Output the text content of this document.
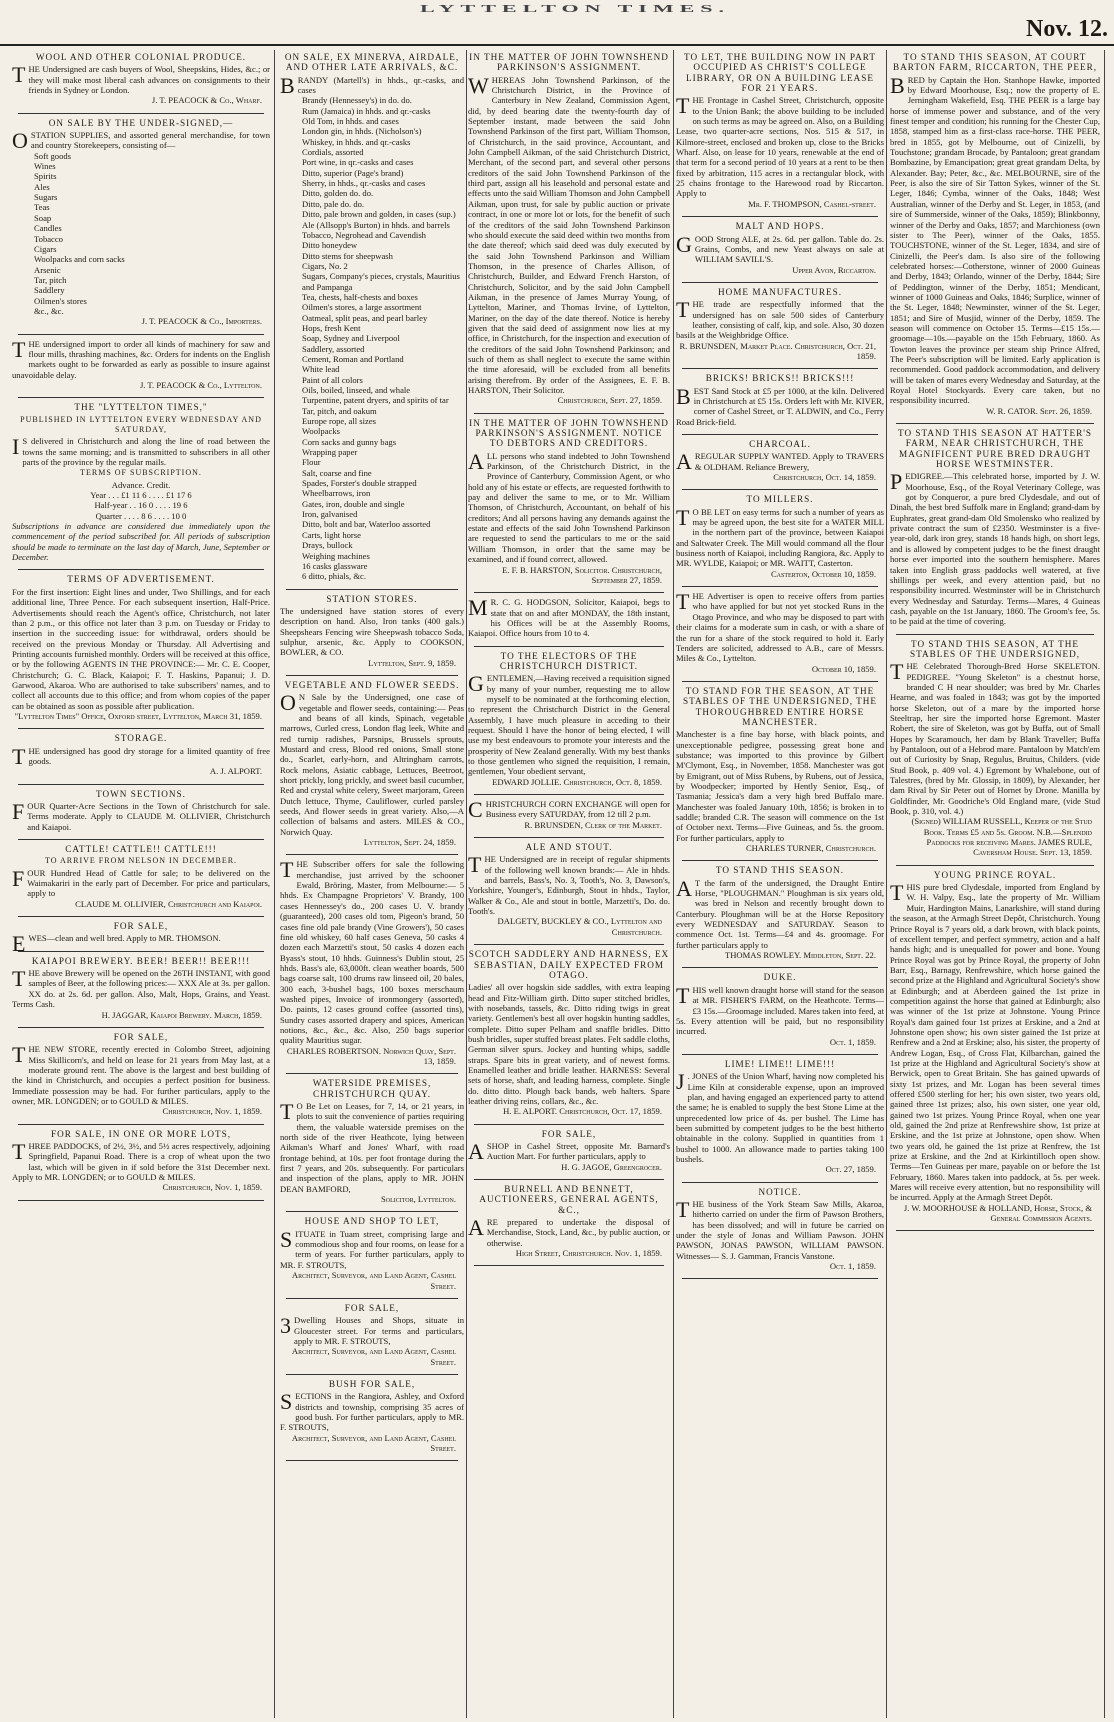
LYTTELTON TIMES.
Nov. 12.
WOOL AND OTHER COLONIAL PRODUCE.
THE Undersigned are cash buyers of Wool, Sheepskins, Hides, &c.; or they will make most liberal cash advances on consignments to their friends in Sydney or London.
J. T. PEACOCK & Co., Wharf.
ON SALE BY THE UNDER-SIGNED,—
OSTATION SUPPLIES, and assorted general merchandise, for town and country Storekeepers, consisting of—
Soft goods
Wines
Spirits
Ales
Sugars
Teas
Soap
Candles
Tobacco
Cigars
Woolpacks and corn sacks
Arsenic
Tar, pitch
Saddlery
Oilmen's stores
&c., &c.
J. T. PEACOCK & Co., Importers.
THE undersigned import to order all kinds of machinery for saw and flour mills, thrashing machines, &c. Orders for indents on the English markets ought to be forwarded as early as possible to insure against unavoidable delay.
J. T. PEACOCK & Co., Lyttelton.
THE "LYTTELTON TIMES,"
PUBLISHED IN LYTTELTON EVERY WEDNESDAY AND SATURDAY,
I S delivered in Christchurch and along the line of road between the towns the same morning; and is transmitted to subscribers in all other parts of the province by the regular mails.
TERMS OF SUBSCRIPTION.
Advance. Credit.
Year . . . £1 11 6 . . . . £1 17 6
Half-year . . 16 0 . . . . 19 6
Quarter . . . . 8 6 . . . . 10 0
Subscriptions in advance are considered due immediately upon the commencement of the period subscribed for. All periods of subscription should be made to terminate on the last day of March, June, September or December.
TERMS OF ADVERTISEMENT.
For the first insertion: Eight lines and under, Two Shillings, and for each additional line, Three Pence. For each subsequent insertion, Half-Price. Advertisements should reach the Agent's office, Christchurch, not later than 2 p.m., or this office not later than 3 p.m. on Tuesday or Friday to insertion in the succeeding issue: for withdrawal, orders should be received on the previous Monday or Thursday. All Advertising and Printing accounts furnished monthly. Orders will be received at this office, or by the following AGENTS IN THE PROVINCE:— Mr. C. E. Cooper, Christchurch; G. C. Black, Kaiapoi; F. T. Haskins, Papanui; J. D. Garwood, Akaroa. Who are authorised to take subscribers' names, and to collect all accounts due to this office; and from whom copies of the paper can be obtained as soon as possible after publication.
"Lyttelton Times" Office, Oxford street, Lyttelton, March 31, 1859.
STORAGE.
THE undersigned has good dry storage for a limited quantity of free goods.
A. J. ALPORT.
TOWN SECTIONS.
FOUR Quarter-Acre Sections in the Town of Christchurch for sale. Terms moderate. Apply to CLAUDE M. OLLIVIER, Christchurch and Kaiapoi.
CATTLE! CATTLE!! CATTLE!!!
TO ARRIVE FROM NELSON IN DECEMBER.
FOUR Hundred Head of Cattle for sale; to be delivered on the Waimakariri in the early part of December. For price and particulars, apply to
CLAUDE M. OLLIVIER, Christchurch and Kaiapoi.
FOR SALE,
EWES—clean and well bred. Apply to MR. THOMSON.
KAIAPOI BREWERY. BEER! BEER!! BEER!!!
THE above Brewery will be opened on the 26TH INSTANT, with good samples of Beer, at the following prices:— XXX Ale at 3s. per gallon. XX do. at 2s. 6d. per gallon. Also, Malt, Hops, Grains, and Yeast. Terms Cash.
H. JAGGAR, Kaiapoi Brewery. March, 1859.
FOR SALE,
THE NEW STORE, recently erected in Colombo Street, adjoining Miss Skillicorn's, and held on lease for 21 years from May last, at a moderate ground rent. The above is the largest and best building of the kind in Christchurch, and occupies a perfect position for business. Immediate possession may be had. For further particulars, apply to the owner, MR. LONGDEN; or to GOULD & MILES.
Christchurch, Nov. 1, 1859.
FOR SALE, IN ONE OR MORE LOTS,
THREE PADDOCKS, of 2½, 3½, and 5½ acres respectively, adjoining Springfield, Papanui Road. There is a crop of wheat upon the two last, which will be given in if sold before the 31st December next. Apply to MR. LONGDEN; or to GOULD & MILES.
Christchurch, Nov. 1, 1859.
ON SALE, EX MINERVA, AIRDALE, AND OTHER LATE ARRIVALS, &C.
BRANDY (Martell's) in hhds., qr.-casks, and cases
Brandy (Hennessey's) in do. do.
Rum (Jamaica) in hhds. and qr.-casks
Old Tom, in hhds. and cases
London gin, in hhds. (Nicholson's)
Whiskey, in hhds. and qr.-casks
Cordials, assorted
Port wine, in qr.-casks and cases
Ditto, superior (Page's brand)
Sherry, in hhds., qr.-casks and cases
Ditto, golden do. do.
Ditto, pale do. do.
Ditto, pale brown and golden, in cases (sup.)
Ale (Allsopp's Burton) in hhds. and barrels
Tobacco, Negrohead and Cavendish
Ditto honeydew
Ditto stems for sheepwash
Cigars, No. 2
Sugars, Company's pieces, crystals, Mauritius and Pampanga
Tea, chests, half-chests and boxes
Oilmen's stores, a large assortment
Oatmeal, split peas, and pearl barley
Hops, fresh Kent
Soap, Sydney and Liverpool
Saddlery, assorted
Cement, Roman and Portland
White lead
Paint of all colors
Oils, boiled, linseed, and whale
Turpentine, patent dryers, and spirits of tar
Tar, pitch, and oakum
Europe rope, all sizes
Woolpacks
Corn sacks and gunny bags
Wrapping paper
Flour
Salt, coarse and fine
Spades, Forster's double strapped
Wheelbarrows, iron
Gates, iron, double and single
Iron, galvanised
Ditto, bolt and bar, Waterloo assorted
Carts, light horse
Drays, bullock
Weighing machines
16 casks glassware
6 ditto, phials, &c.
STATION STORES.
The undersigned have station stores of every description on hand. Also, Iron tanks (400 gals.) Sheepshears Fencing wire Sheepwash tobacco Soda, sulphur, arsenic, &c. Apply to COOKSON, BOWLER, & CO.
Lyttelton, Sept. 9, 1859.
VEGETABLE AND FLOWER SEEDS.
O N Sale by the Undersigned, one case of vegetable and flower seeds, containing:— Peas and beans of all kinds, Spinach, vegetable marrows, Curled cress, London flag leek, White and red turnip radishes, Parsnips, Brussels sprouts, Mustard and cress, Blood red onions, Small stone do., Scarlet, early-horn, and Altringham carrots, Rock melons, Asiatic cabbage, Lettuces, Beetroot, short prickly, long prickly, and sweet basil cucumber, Red and crystal white celery, Sweet marjoram, Green Dutch lettuce, Thyme, Cauliflower, curled parsley seeds, And flower seeds in great variety. Also,—A collection of balsams and asters. MILES & CO., Norwich Quay.
Lyttelton, Sept. 24, 1859.
THE Subscriber offers for sale the following merchandise, just arrived by the schooner Ewald, Bröring, Master, from Melbourne:— 5 hhds. Ex Champagne Proprietors' V. Brandy, 100 cases Hennessey's do., 200 cases U. V. brandy (guaranteed), 200 cases old tom, Pigeon's brand, 50 cases fine old pale brandy (Vine Growers'), 50 cases fine old whiskey, 60 half cases Geneva, 50 casks 4 dozen each Marzetti's stout, 50 casks 4 dozen each Byass's stout, 10 hhds. Guinness's Dublin stout, 25 hhds. Bass's ale, 63,000ft. clean weather boards, 500 bags coarse salt, 100 drums raw linseed oil, 20 bales, 300 each, 3-bushel bags, 100 boxes merschaum washed pipes, Invoice of ironmongery (assorted), Do. paints, 12 cases ground coffee (assorted tins), Sundry cases assorted drapery and spices, American notions, &c., &c., &c. Also, 250 bags superior quality Mauritius sugar.
CHARLES ROBERTSON. Norwich Quay, Sept. 13, 1859.
WATERSIDE PREMISES, CHRISTCHURCH QUAY.
T O Be Let on Leases, for 7, 14, or 21 years, in plots to suit the convenience of parties requiring them, the valuable waterside premises on the north side of the river Heathcote, lying between Aikman's Wharf and Jones' Wharf, with road frontage behind, at 10s. per foot frontage during the first 7 years, and 20s. subsequently. For particulars and inspection of the plans, apply to MR. JOHN DEAN BAMFORD,
Solicitor, Lyttelton.
HOUSE AND SHOP TO LET,
SITUATE in Tuam street, comprising large and commodious shop and four rooms, on lease for a term of years. For further particulars, apply to MR. F. STROUTS,
Architect, Surveyor, and Land Agent, Cashel Street.
FOR SALE,
3 Dwelling Houses and Shops, situate in Gloucester street. For terms and particulars, apply to MR. F. STROUTS,
Architect, Surveyor, and Land Agent, Cashel Street.
BUSH FOR SALE,
SECTIONS in the Rangiora, Ashley, and Oxford districts and township, comprising 35 acres of good bush. For further particulars, apply to MR. F. STROUTS,
Architect, Surveyor, and Land Agent, Cashel Street.
IN THE MATTER OF JOHN TOWNSHEND PARKINSON'S ASSIGNMENT.
WHEREAS John Townshend Parkinson, of the Christchurch District, in the Province of Canterbury in New Zealand, Commission Agent, did, by deed bearing date the twenty-fourth day of September instant, made between the said John Townshend Parkinson of the first part, William Thomson, of Christchurch, in the said province, Accountant, and John Campbell Aikman, of the said Christchurch District, Merchant, of the second part, and several other persons creditors of the said John Townshend Parkinson of the third part, assign all his leasehold and personal estate and effects unto the said William Thomson and John Campbell Aikman, upon trust, for sale by public auction or private contract, in one or more lot or lots, for the benefit of such of the creditors of the said John Townshend Parkinson who should execute the said deed within two months from the date thereof; which said deed was duly executed by the said John Townshend Parkinson and William Thomson, in the presence of Charles Allison, of Christchurch, Builder, and Edward French Harston, of Christchurch, Solicitor, and by the said John Campbell Aikman, in the presence of James Murray Young, of Lyttelton, Mariner, and Thomas Irvine, of Lyttelton, Mariner, on the day of the date thereof. Notice is hereby given that the said deed of assignment now lies at my office, in Christchurch, for the inspection and execution of the creditors of the said John Townshend Parkinson; and such of them as shall neglect to execute the same within the time aforesaid, will be excluded from all benefits arising therefrom. By order of the Assignees, E. F. B. HARSTON, Their Solicitor.
Christchurch, Sept. 27, 1859.
IN THE MATTER OF JOHN TOWNSHEND PARKINSON'S ASSIGNMENT. NOTICE TO DEBTORS AND CREDITORS.
ALL persons who stand indebted to John Townshend Parkinson, of the Christchurch District, in the Province of Canterbury, Commission Agent, or who hold any of his estate or effects, are requested forthwith to pay and deliver the same to me, or to Mr. William Thomson, of Christchurch, Accountant, on behalf of his creditors; And all persons having any demands against the estate and effects of the said John Townshend Parkinson are requested to send the particulars to me or the said William Thomson, in order that the same may be examined, and if found correct, allowed.
E. F. B. HARSTON, Solicitor. Christchurch, September 27, 1859.
M R. C. G. HODGSON, Solicitor, Kaiapoi, begs to state that on and after MONDAY, the 18th instant, his Offices will be at the Assembly Rooms, Kaiapoi. Office hours from 10 to 4.
TO THE ELECTORS OF THE CHRISTCHURCH DISTRICT.
GENTLEMEN,—Having received a requisition signed by many of your number, requesting me to allow myself to be nominated at the forthcoming election, to represent the Christchurch District in the General Assembly, I have much pleasure in acceding to their request. Should I have the honor of being elected, I will use my best endeavours to promote your interests and the prosperity of New Zealand generally. With my best thanks to those gentlemen who signed the requisition, I remain, gentlemen, Your obedient servant,
EDWARD JOLLIE. Christchurch, Oct. 8, 1859.
CHRISTCHURCH CORN EXCHANGE will open for Business every SATURDAY, from 12 till 2 p.m.
R. BRUNSDEN, Clerk of the Market.
ALE AND STOUT.
THE Undersigned are in receipt of regular shipments of the following well known brands:— Ale in hhds. and barrels, Bass's, No. 3, Tooth's, No. 3, Dawson's, Yorkshire, Younger's, Edinburgh, Stout in hhds., Taylor, Walker & Co., Ale and stout in bottle, Marzetti's, Do. do. Tooth's.
DALGETY, BUCKLEY & CO., Lyttelton and Christchurch.
SCOTCH SADDLERY AND HARNESS, EX SEBASTIAN, DAILY EXPECTED FROM OTAGO.
Ladies' all over hogskin side saddles, with extra leaping head and Fitz-William girth. Ditto super stitched bridles, with nosebands, tassels, &c. Ditto riding twigs in great variety. Gentlemen's best all over hogskin hunting saddles, complete. Ditto super Pelham and snaffle bridles. Ditto bush bridles, super stuffed breast plates. Felt saddle cloths, German silver spurs. Jockey and hunting whips, saddle straps. Spare bits in great variety, and of newest forms. Enamelled leather and bridle leather. HARNESS: Several sets of horse, shaft, and leading harness, complete. Single do. ditto ditto. Plough back bands, web halters. Spare leather driving reins, collars, &c., &c.
H. E. ALPORT. Christchurch, Oct. 17, 1859.
FOR SALE,
ASHOP in Cashel Street, opposite Mr. Barnard's Auction Mart. For further particulars, apply to
H. G. JAGOE, Greengrocer.
BURNELL AND BENNETT, AUCTIONEERS, GENERAL AGENTS, &C.,
ARE prepared to undertake the disposal of Merchandise, Stock, Land, &c., by public auction, or otherwise.
High Street, Christchurch. Nov. 1, 1859.
TO LET, THE BUILDING NOW IN PART OCCUPIED AS CHRIST'S COLLEGE LIBRARY, OR ON A BUILDING LEASE FOR 21 YEARS.
THE Frontage in Cashel Street, Christchurch, opposite to the Union Bank; the above building to be included on such terms as may be agreed on. Also, on a Building Lease, two quarter-acre sections, Nos. 515 & 517, in Kilmore-street, enclosed and broken up, close to the Bricks Wharf. Also, on lease for 10 years, renewable at the end of that term for a second period of 10 years at a rent to be then fixed by arbitration, 115 acres in a rectangular block, with 25 chains frontage to the Harewood road by Riccarton. Apply to
Mr. F. THOMPSON, Cashel-street.
MALT AND HOPS.
GOOD Strong ALE, at 2s. 6d. per gallon. Table do. 2s. Grains, Combs, and new Yeast always on sale at WILLIAM SAVILL'S.
Upper Avon, Riccarton.
HOME MANUFACTURES.
THE trade are respectfully informed that the undersigned has on sale 500 sides of Canterbury leather, consisting of calf, kip, and sole. Also, 30 dozen basils at the Weighbridge Office.
R. BRUNSDEN, Market Place. Christchurch, Oct. 21, 1859.
BRICKS! BRICKS!! BRICKS!!!
BEST Sand Stock at £5 per 1000, at the kiln. Delivered in Christchurch at £5 15s. Orders left with Mr. KIVER, corner of Cashel Street, or T. ALDWIN, and Co., Ferry Road Brick-field.
CHARCOAL.
AREGULAR SUPPLY WANTED. Apply to TRAVERS & OLDHAM. Reliance Brewery,
Christchurch, Oct. 14, 1859.
TO MILLERS.
T O BE LET on easy terms for such a number of years as may be agreed upon, the best site for a WATER MILL in the northern part of the province, between Kaiapoi and Saltwater Creek. The Mill would command all the flour business north of Kaiapoi, including Rangiora, &c. Apply to MR. WYLDE, Kaiapoi; or MR. WAITT, Casterton.
Casterton, October 10, 1859.
THE Advertiser is open to receive offers from parties who have applied for but not yet stocked Runs in the Otago Province, and who may be disposed to part with their claims for a moderate sum in cash, or with a share of the run for a share of the stock required to hold it. Early Tenders are solicited, addressed to A.B., care of Messrs. Miles & Co., Lyttelton.
October 10, 1859.
TO STAND FOR THE SEASON, AT THE STABLES OF THE UNDERSIGNED, THE THOROUGHBRED ENTIRE HORSE MANCHESTER.
Manchester is a fine bay horse, with black points, and unexceptionable pedigree, possessing great bone and substance; was imported to this province by Gilbert M'Clymont, Esq., in November, 1858. Manchester was got by Emigrant, out of Miss Rubens, by Rubens, out of Jessica, by Woodpecker; imported by Hently Senior, Esq., of Tasmania; Jessica's dam a very high bred Buffalo mare. Manchester was foaled January 10th, 1856; is broken in to saddle; branded C.R. The season will commence on the 1st of October next. Terms—Five Guineas, and 5s. the groom. For further particulars, apply to
CHARLES TURNER, Christchurch.
TO STAND THIS SEASON.
A T the farm of the undersigned, the Draught Entire Horse, "PLOUGHMAN." Ploughman is six years old, was bred in Nelson and recently brought down to Canterbury. Ploughman will be at the Horse Repository every WEDNESDAY and SATURDAY. Season to commence Oct. 1st. Terms—£4 and 4s. groomage. For further particulars apply to
THOMAS ROWLEY. Middleton, Sept. 22.
DUKE.
THIS well known draught horse will stand for the season at MR. FISHER'S FARM, on the Heathcote. Terms—£3 15s.—Groomage included. Mares taken into feed, at 5s. Every attention will be paid, but no responsibility incurred.
Oct. 1, 1859.
LIME! LIME!! LIME!!!
J . JONES of the Union Wharf, having now completed his Lime Kiln at considerable expense, upon an improved plan, and having engaged an experienced party to attend the same; he is enabled to supply the best Stone Lime at the unprecedented low price of 4s. per bushel. The Lime has been submitted by competent judges to be the best hitherto obtainable in the colony. Supplied in quantities from 1 bushel to 1000. An allowance made to parties taking 100 bushels.
Oct. 27, 1859.
NOTICE.
THE business of the York Steam Saw Mills, Akaroa, hitherto carried on under the firm of Pawson Brothers, has been dissolved; and will in future be carried on under the style of Jonas and William Pawson. JOHN PAWSON, JONAS PAWSON, WILLIAM PAWSON. Witnesses— S. J. Gamman, Francis Vanstone.
Oct. 1, 1859.
TO STAND THIS SEASON, AT COURT BARTON FARM, RICCARTON, THE PEER,
BRED by Captain the Hon. Stanhope Hawke, imported by Edward Moorhouse, Esq.; now the property of E. Jerningham Wakefield, Esq. THE PEER is a large bay horse of immense power and substance, and of the very finest temper and condition; his running for the Chester Cup, 1858, stamped him as a first-class race-horse. THE PEER, bred in 1855, got by Melbourne, out of Cinizelli, by Touchstone; grandam Brocade, by Pantaloon; great grandam Bombazine, by Emancipation; great great grandam Delta, by Alexander. Bay; Peter, &c., &c. MELBOURNE, sire of the Peer, is also the sire of Sir Tatton Sykes, winner of the St. Leger, 1846; Cymba, winner of the Oaks, 1848; West Australian, winner of the Derby and St. Leger, in 1853, (and sire of Summerside, winner of the Oaks, 1859); Blinkbonny, winner of the Derby and Oaks, 1857; and Marchioness (own sister to The Peer), winner of the Oaks, 1855. TOUCHSTONE, winner of the St. Leger, 1834, and sire of Cinizelli, the Peer's dam. Is also sire of the following celebrated horses:—Cotherstone, winner of 2000 Guineas and Derby, 1843; Orlando, winner of the Derby, 1844; Sire of Peddington, winner of the Derby, 1851; Mendicant, winner of 1000 Guineas and Oaks, 1846; Surplice, winner of the St. Leger, 1848; Newminster, winner of the St. Leger, 1851; and Sire of Musjid, winner of the Derby, 1859. The season will commence on October 15. Terms—£15 15s.—groomage—10s.—payable on the 15th February, 1860. As Towton leaves the province per steam ship Prince Alfred, The Peer's subscription will be limited. Early application is recommended. Good paddock accommodation, and delivery will be taken of mares every Wednesday and Saturday, at the Royal Hotel Stockyards. Every care taken, but no responsibility incurred.
W. R. CATOR. Sept. 26, 1859.
TO STAND THIS SEASON AT HATTER'S FARM, NEAR CHRISTCHURCH, THE MAGNIFICENT PURE BRED DRAUGHT HORSE WESTMINSTER.
PEDIGREE.—This celebrated horse, imported by J. W. Moorhouse, Esq., of the Royal Veterinary College, was got by Conqueror, a pure bred Clydesdale, and out of Dinah, the best bred Suffolk mare in England; grand-dam by Euphrates, great grand-dam Old Smolensko who realized by private contract the sum of £2350. Westminster is a five-year-old, dark iron grey, stands 18 hands high, on short legs, and is allowed by competent judges to be the finest draught horse ever imported into the southern hemisphere. Mares taken into English grass paddocks well watered, at five shillings per week, and every attention paid, but no responsibility incurred. Westminster will be in Christchurch every Wednesday and Saturday. Terms—Mares, 4 Guineas cash, payable on the 1st January, 1860. The Groom's fee, 5s. to be paid at the time of covering.
TO STAND THIS SEASON, AT THE STABLES OF THE UNDERSIGNED,
THE Celebrated Thorough-Bred Horse SKELETON. PEDIGREE. "Young Skeleton" is a chestnut horse, branded C H near shoulder; was bred by Mr. Charles Hearne, and was foaled in 1843; was got by the imported horse Skeleton, out of a mare by the imported horse Steeltrap, her sire the imported horse Egremont. Master Robert, the sire of Skeleton, was got by Buffa, out of Small Hopes by Scaramouch, her dam by Blank Traveller; Buffa by Pantaloon, out of a Hebrod mare. Pantaloon by Match'em out of Curiosity by Snap, Regulus, Bruitus, Childers. (vide Stud Book, p. 409 vol. 4.) Egremont by Whalebone, out of Talestres, (bred by Mr. Glossip, in 1809), by Alexander, her dam Rival by Sir Peter out of Hornet by Drone. Manilla by Goldfinder, Mr. Goodriche's Old England mare, (vide Stud Book, p. 310, vol. 4.)
(Signed) WILLIAM RUSSELL, Keeper of the Stud Book. Terms £5 and 5s. Groom. N.B.—Splendid Paddocks for receiving Mares. JAMES RULE, Caversham House. Sept. 13, 1859.
YOUNG PRINCE ROYAL.
THIS pure bred Clydesdale, imported from England by W. H. Valpy, Esq., late the property of Mr. William Muir, Hardington Mains, Lanarkshire, will stand during the season, at the Armagh Street Depôt, Christchurch. Young Prince Royal is 7 years old, a dark brown, with black points, of excellent temper, and perfect symmetry, action and a half hands high; and is unequalled for power and bone. Young Prince Royal was got by Prince Royal, the property of John Barr, Esq., Barnagy, Renfrewshire, which horse gained the second prize at the Highland and Agricultural Society's show at Edinburgh; and at Aberdeen gained the 1st prize in competition against the horse that gained at Edinburgh; also was winner of the 1st prize at Johnstone. Young Prince Royal's dam gained four 1st prizes at Erskine, and a 2nd at Johnstone open show; his own sister gained the 1st prize at Renfrew and a 2nd at Erskine; also, his sister, the property of Andrew Logan, Esq., of Cross Flat, Kilbarchan, gained the 1st prize at the Highland and Agricultural Society's show at Berwick, open to Great Britain. She has gained upwards of sixty 1st prizes, and Mr. Logan has been several times offered £500 sterling for her; his own sister, two years old, gained three 1st prizes; also, his own sister, one year old, gained two 1st prizes. Young Prince Royal, when one year old, gained the 2nd prize at Renfrewshire show, 1st prize at Erskine, and the 1st prize at Johnstone, open show. When two years old, he gained the 1st prize at Renfrew, the 1st prize at Erskine, and the 2nd at Kirkintilloch open show. Terms—Ten Guineas per mare, payable on or before the 1st February, 1860. Mares taken into paddock, at 5s. per week. Mares will receive every attention, but no responsibility will be incurred. Apply at the Armagh Street Depôt.
J. W. MOORHOUSE & HOLLAND, Horse, Stock, & General Commission Agents.
